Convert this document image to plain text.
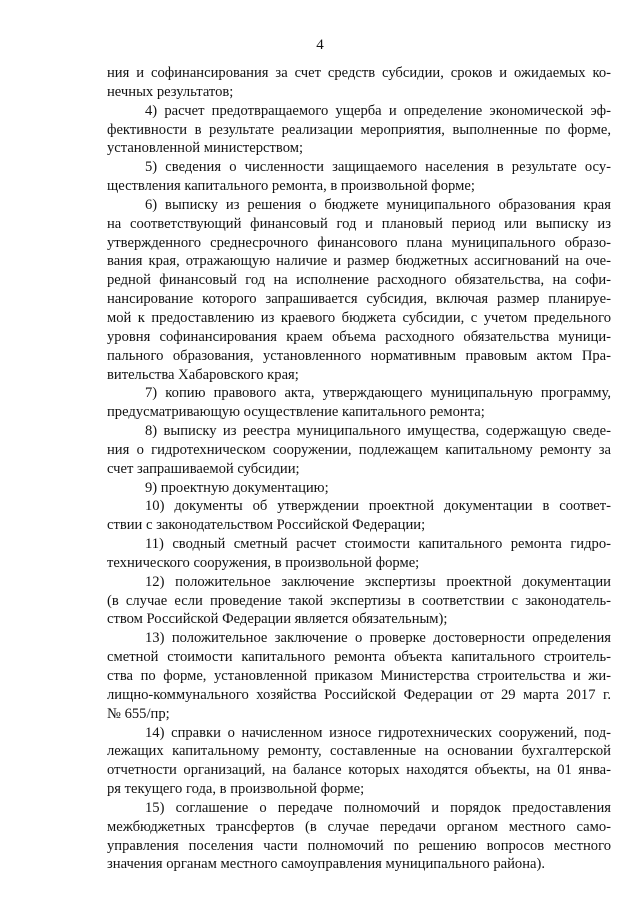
4
ния и софинансирования за счет средств субсидии, сроков и ожидаемых ко-
нечных результатов;
4) расчет предотвращаемого ущерба и определение экономической эф-
фективности в результате реализации мероприятия, выполненные по форме,
установленной министерством;
5) сведения о численности защищаемого населения в результате осу-
ществления капитального ремонта, в произвольной форме;
6) выписку из решения о бюджете муниципального образования края
на соответствующий финансовый год и плановый период или выписку из
утвержденного среднесрочного финансового плана муниципального образо-
вания края, отражающую наличие и размер бюджетных ассигнований на оче-
редной финансовый год на исполнение расходного обязательства, на софи-
нансирование которого запрашивается субсидия, включая размер планируе-
мой к предоставлению из краевого бюджета субсидии, с учетом предельного
уровня софинансирования краем объема расходного обязательства муници-
пального образования, установленного нормативным правовым актом Пра-
вительства Хабаровского края;
7) копию правового акта, утверждающего муниципальную программу,
предусматривающую осуществление капитального ремонта;
8) выписку из реестра муниципального имущества, содержащую сведе-
ния о гидротехническом сооружении, подлежащем капитальному ремонту за
счет запрашиваемой субсидии;
9) проектную документацию;
10) документы об утверждении проектной документации в соответ-
ствии с законодательством Российской Федерации;
11) сводный сметный расчет стоимости капитального ремонта гидро-
технического сооружения, в произвольной форме;
12) положительное заключение экспертизы проектной документации
(в случае если проведение такой экспертизы в соответствии с законодатель-
ством Российской Федерации является обязательным);
13) положительное заключение о проверке достоверности определения
сметной стоимости капитального ремонта объекта капитального строитель-
ства по форме, установленной приказом Министерства строительства и жи-
лищно-коммунального хозяйства Российской Федерации от 29 марта 2017 г.
№ 655/пр;
14) справки о начисленном износе гидротехнических сооружений, под-
лежащих капитальному ремонту, составленные на основании бухгалтерской
отчетности организаций, на балансе которых находятся объекты, на 01 янва-
ря текущего года, в произвольной форме;
15) соглашение о передаче полномочий и порядок предоставления
межбюджетных трансфертов (в случае передачи органом местного само-
управления поселения части полномочий по решению вопросов местного
значения органам местного самоуправления муниципального района).
